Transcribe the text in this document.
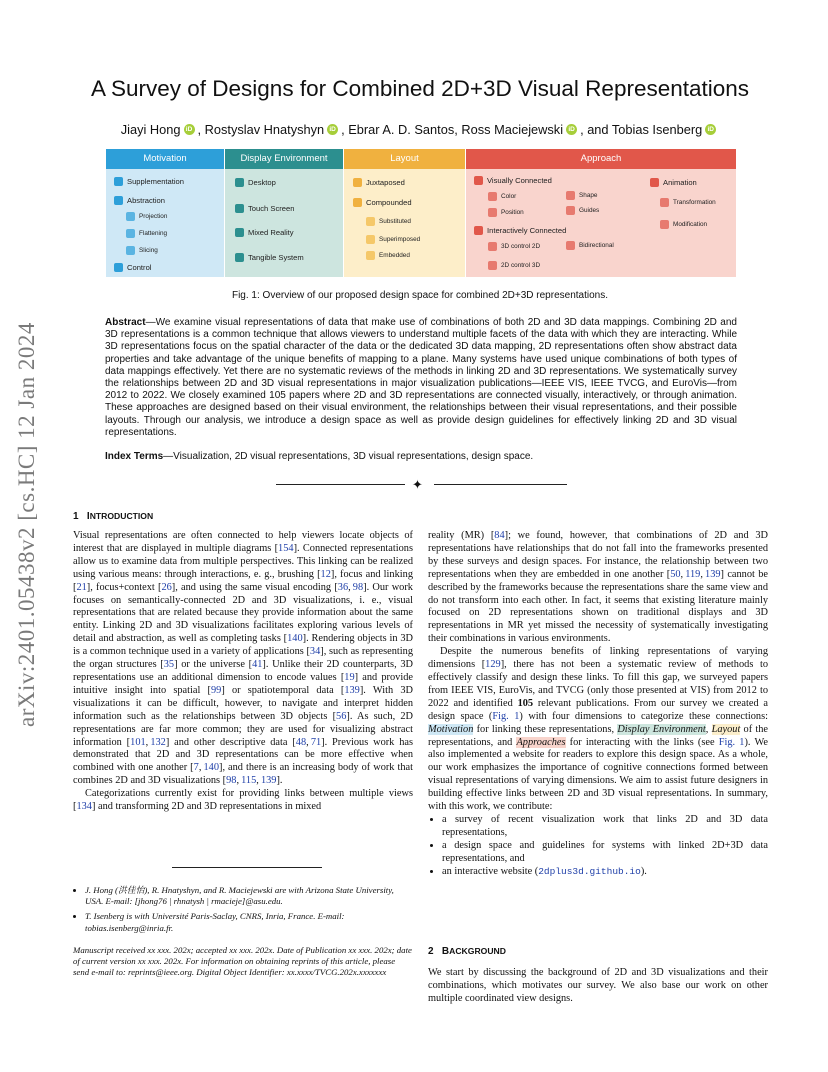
arXiv:2401.05438v2 [cs.HC] 12 Jan 2024
A Survey of Designs for Combined 2D+3D Visual Representations
Jiayi Hong iD , Rostyslav Hnatyshyn iD , Ebrar A. D. Santos, Ross Maciejewski iD , and Tobias Isenberg iD
Motivation
Supplementation
Abstraction
Projection
Flattening
Slicing
Control
Display Environment
Desktop
Touch Screen
Mixed Reality
Tangible System
Layout
Juxtaposed
Compounded
Substituted
Superimposed
Embedded
Approach
Visually Connected
Color
Position
Shape
Guides
Interactively Connected
3D control 2D
2D control 3D
Bidirectional
Animation
Transformation
Modification
Fig. 1: Overview of our proposed design space for combined 2D+3D representations.
Abstract—We examine visual representations of data that make use of combinations of both 2D and 3D data mappings. Combining 2D and 3D representations is a common technique that allows viewers to understand multiple facets of the data with which they are interacting. While 3D representations focus on the spatial character of the data or the dedicated 3D data mapping, 2D representations often show abstract data properties and take advantage of the unique benefits of mapping to a plane. Many systems have used unique combinations of both types of data mappings effectively. Yet there are no systematic reviews of the methods in linking 2D and 3D representations. We systematically survey the relationships between 2D and 3D visual representations in major visualization publications—IEEE VIS, IEEE TVCG, and EuroVis—from 2012 to 2022. We closely examined 105 papers where 2D and 3D representations are connected visually, interactively, or through animation. These approaches are designed based on their visual environment, the relationships between their visual representations, and their possible layouts. Through our analysis, we introduce a design space as well as provide design guidelines for effectively linking 2D and 3D visual representations.
Index Terms—Visualization, 2D visual representations, 3D visual representations, design space.
✦
1 INTRODUCTION

Visual representations are often connected to help viewers locate objects of interest that are displayed in multiple diagrams [154]. Connected representations allow us to examine data from multiple perspectives. This linking can be realized using various means: through interactions, e. g., brushing [12], focus and linking [21], focus+context [26], and using the same visual encoding [36, 98]. Our work focuses on semantically-connected 2D and 3D visualizations, i. e., visual representations that are related because they provide information about the same entity. Linking 2D and 3D visualizations facilitates exploring various levels of detail and abstraction, as well as completing tasks [140]. Rendering objects in 3D is a common technique used in a variety of applications [34], such as representing the organ structures [35] or the universe [41]. Unlike their 2D counterparts, 3D representations use an additional dimension to encode values [19] and provide intuitive insight into spatial [99] or spatiotemporal data [139]. With 3D visualizations it can be difficult, however, to navigate and interpret hidden information such as the relationships between 3D objects [56]. As such, 2D representations are far more common; they are used for visualizing abstract information [101, 132] and other descriptive data [48, 71]. Previous work has demonstrated that 2D and 3D representations can be more effective when combined with one another [7, 140], and there is an increasing body of work that combines 2D and 3D visualizations [98, 115, 139].

Categorizations currently exist for providing links between multiple views [134] and transforming 2D and 3D representations in mixed

• J. Hong (洪佳怡), R. Hnatyshyn, and R. Maciejewski are with Arizona State University, USA. E-mail: [jhong76 | rhnatysh | rmacieje]@asu.edu.
• T. Isenberg is with Université Paris-Saclay, CNRS, Inria, France. E-mail: tobias.isenberg@inria.fr.
Manuscript received xx xxx. 202x; accepted xx xxx. 202x. Date of Publication xx xxx. 202x; date of current version xx xxx. 202x. For information on obtaining reprints of this article, please send e-mail to: reprints@ieee.org. Digital Object Identifier: xx.xxxx/TVCG.202x.xxxxxxx

reality (MR) [84]; we found, however, that combinations of 2D and 3D representations have relationships that do not fall into the frameworks presented by these surveys and design spaces. For instance, the relationship between two representations when they are embedded in one another [50, 119, 139] cannot be described by the frameworks because the representations share the same view and do not transform into each other. In fact, it seems that existing literature mainly focused on 2D representations shown on traditional displays and 3D representations in MR yet missed the necessity of systematically investigating their combinations in various environments.

Despite the numerous benefits of linking representations of varying dimensions [129], there has not been a systematic review of methods to effectively classify and design these links. To fill this gap, we surveyed papers from IEEE VIS, EuroVis, and TVCG (only those presented at VIS) from 2012 to 2022 and identified 105 relevant publications. From our survey we created a design space (Fig. 1) with four dimensions to categorize these connections: Motivation for linking these representations, Display Environment, Layout of the representations, and Approaches for interacting with the links (see Fig. 1). We also implemented a website for readers to explore this design space. As a whole, our work emphasizes the importance of cognitive connections formed between visual representations of varying dimensions. We aim to assist future designers in building effective links between 2D and 3D visual representations. In summary, with this work, we contribute:

• a survey of recent visualization work that links 2D and 3D data representations,
• a design space and guidelines for systems with linked 2D+3D data representations, and
• an interactive website (2dplus3d.github.io).
2 BACKGROUND

We start by discussing the background of 2D and 3D visualizations and their combinations, which motivates our survey. We also base our work on other multiple coordinated view designs.
